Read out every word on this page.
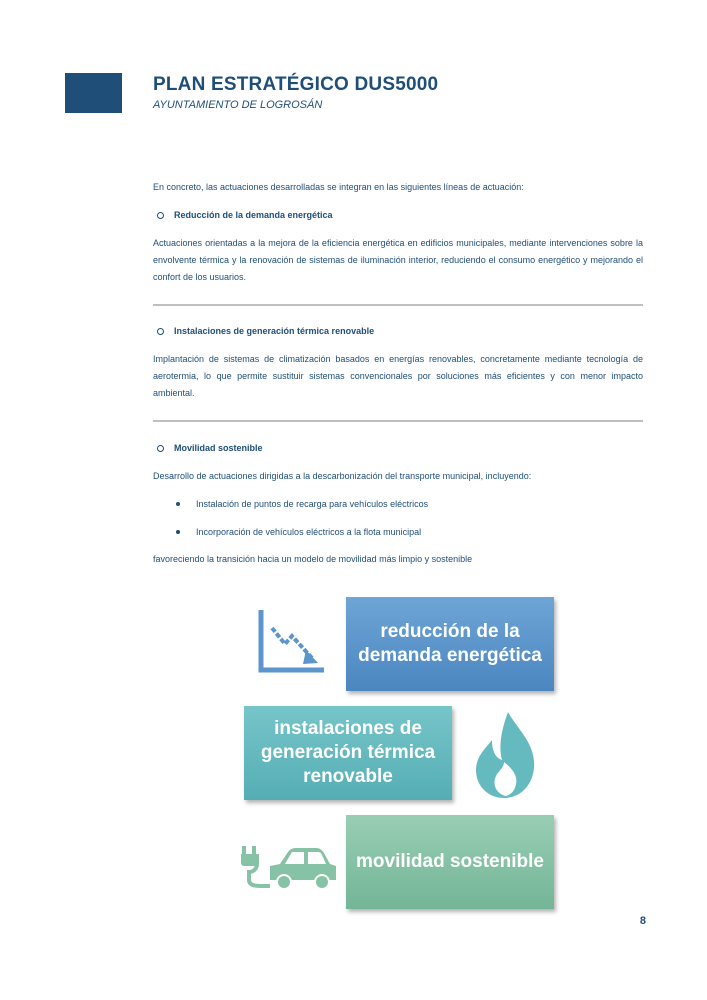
PLAN ESTRATÉGICO DUS5000

AYUNTAMIENTO DE LOGROSÁN

En concreto, las actuaciones desarrolladas se integran en las siguientes líneas de actuación:

Reducción de la demanda energética

Actuaciones orientadas a la mejora de la eficiencia energética en edificios municipales, mediante intervenciones sobre la envolvente térmica y la renovación de sistemas de iluminación interior, reduciendo el consumo energético y mejorando el confort de los usuarios.

Instalaciones de generación térmica renovable

Implantación de sistemas de climatización basados en energías renovables, concretamente mediante tecnología de aerotermia, lo que permite sustituir sistemas convencionales por soluciones más eficientes y con menor impacto ambiental.

Movilidad sostenible

Desarrollo de actuaciones dirigidas a la descarbonización del transporte municipal, incluyendo:

Instalación de puntos de recarga para vehículos eléctricos

Incorporación de vehículos eléctricos a la flota municipal

favoreciendo la transición hacia un modelo de movilidad más limpio y sostenible

reducción de la demanda energética
instalaciones de generación térmica renovable
movilidad sostenible

8
